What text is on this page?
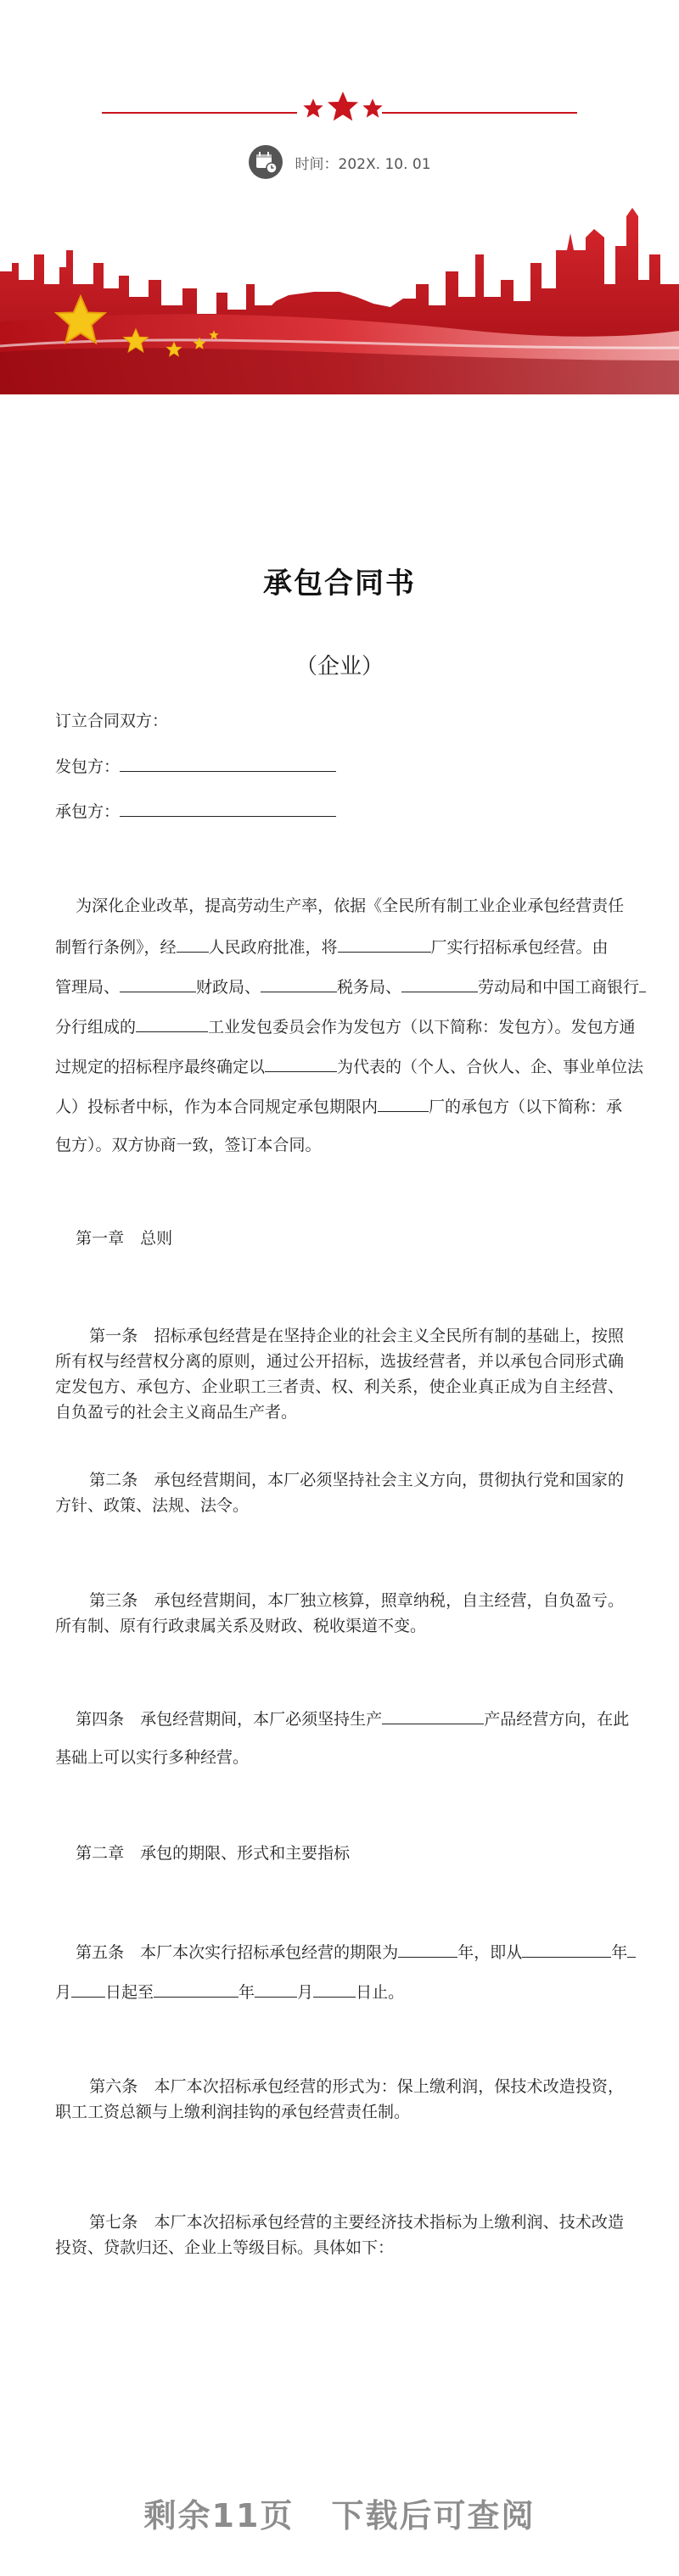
时间：202X. 10. 01
承包合同书
（企业）
订立合同双方：
发包方：
承包方：
为深化企业改革，提高劳动生产率，依据《全民所有制工业企业承包经营责任
制暂行条例》，经 人民政府批准，将	厂实行招标承包经营。由
管理局、	财政局、	税务局、	劳动局和中国工商银行
分行组成的	工业发包委员会作为发包方（以下简称：发包方）。发包方通
过规定的招标程序最终确定以	为代表的（个人、合伙人、企、事业单位法
人）投标者中标，作为本合同规定承包期限内	厂的承包方（以下简称：承
包方）。双方协商一致，签订本合同。
第一章　总则
第一条　招标承包经营是在坚持企业的社会主义全民所有制的基础上，按照所有权与经营权分离的原则，通过公开招标，选拔经营者，并以承包合同形式确定发包方、承包方、企业职工三者责、权、利关系，使企业真正成为自主经营、自负盈亏的社会主义商品生产者。
第二条　承包经营期间，本厂必须坚持社会主义方向，贯彻执行党和国家的方针、政策、法规、法令。
第三条　承包经营期间，本厂独立核算，照章纳税，自主经营，自负盈亏。所有制、原有行政隶属关系及财政、税收渠道不变。
第四条　承包经营期间，本厂必须坚持生产	产品经营方向，在此
基础上可以实行多种经营。
第二章　承包的期限、形式和主要指标
第五条　本厂本次实行招标承包经营的期限为	年，即从	年
月 日起至	年	月	日止。
第六条　本厂本次招标承包经营的形式为：保上缴利润，保技术改造投资，职工工资总额与上缴利润挂钩的承包经营责任制。
第七条　本厂本次招标承包经营的主要经济技术指标为上缴利润、技术改造投资、贷款归还、企业上等级目标。具体如下：
剩余11页 下载后可查阅
